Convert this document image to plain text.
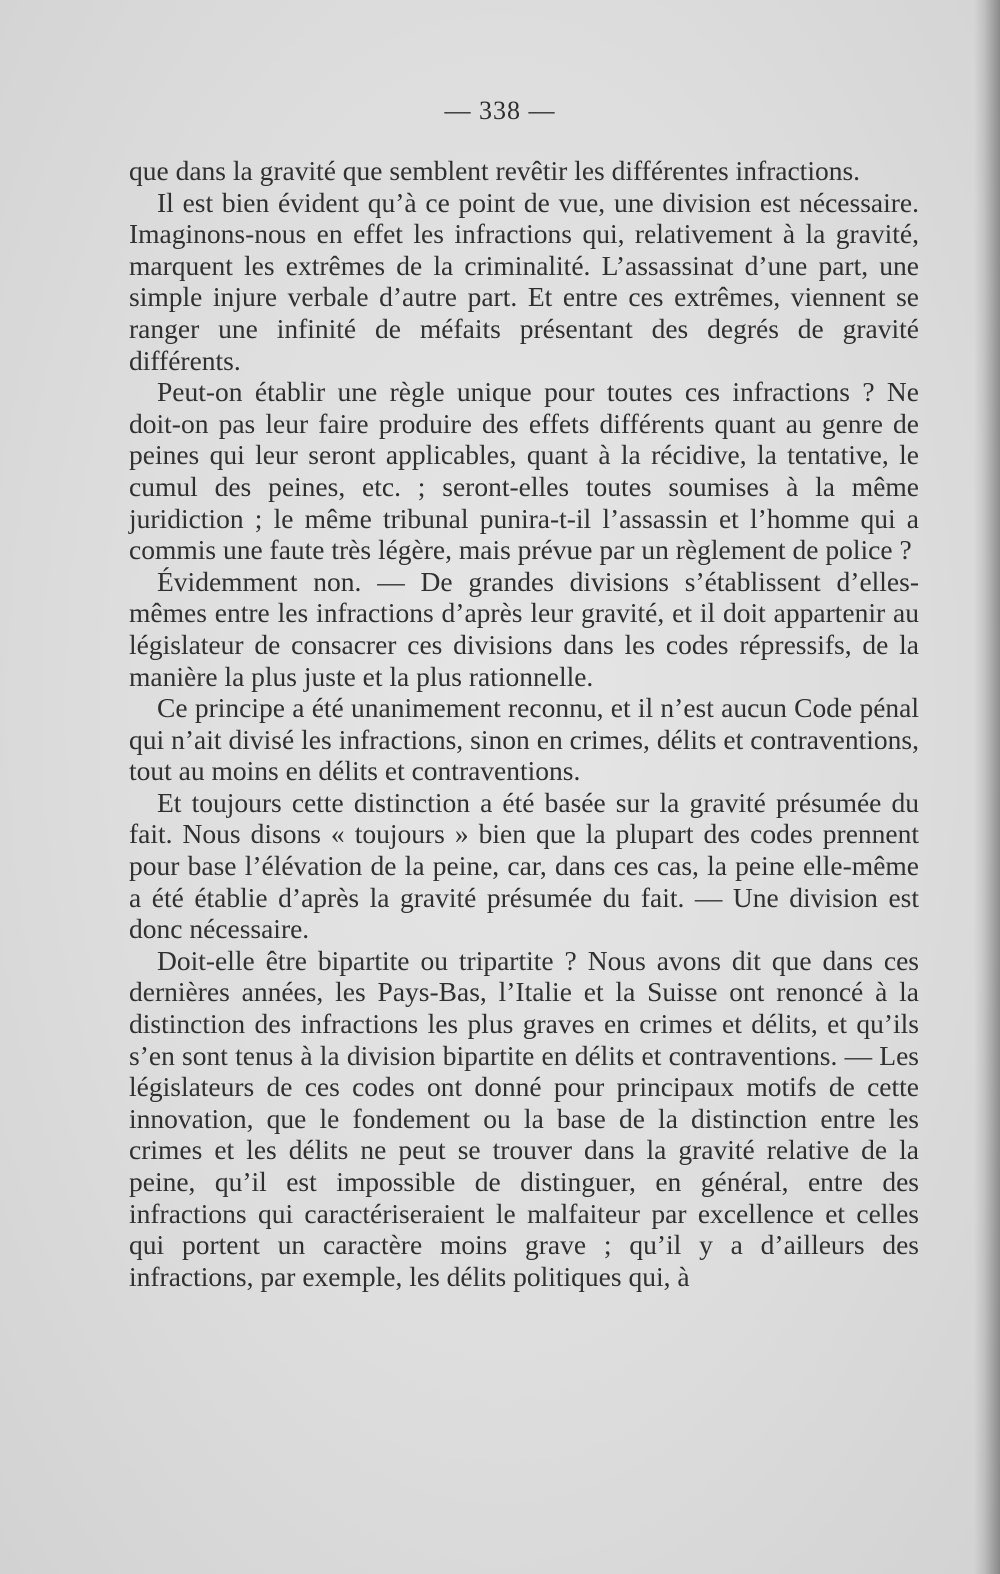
— 338 —

que dans la gravité que semblent revêtir les différentes infractions.

Il est bien évident qu’à ce point de vue, une division est nécessaire. Imaginons-nous en effet les infractions qui, relativement à la gravité, marquent les extrêmes de la criminalité. L’assassinat d’une part, une simple injure verbale d’autre part. Et entre ces extrêmes, viennent se ranger une infinité de méfaits présentant des degrés de gravité différents.

Peut-on établir une règle unique pour toutes ces infractions ? Ne doit-on pas leur faire produire des effets différents quant au genre de peines qui leur seront applicables, quant à la récidive, la tentative, le cumul des peines, etc. ; seront-elles toutes soumises à la même juridiction ; le même tribunal punira-t-il l’assassin et l’homme qui a commis une faute très légère, mais prévue par un règlement de police ?

Évidemment non. — De grandes divisions s’établissent d’elles-mêmes entre les infractions d’après leur gravité, et il doit appartenir au législateur de consacrer ces divisions dans les codes répressifs, de la manière la plus juste et la plus rationnelle.

Ce principe a été unanimement reconnu, et il n’est aucun Code pénal qui n’ait divisé les infractions, sinon en crimes, délits et contraventions, tout au moins en délits et contraventions.

Et toujours cette distinction a été basée sur la gravité présumée du fait. Nous disons « toujours » bien que la plupart des codes prennent pour base l’élévation de la peine, car, dans ces cas, la peine elle-même a été établie d’après la gravité présumée du fait. — Une division est donc nécessaire.

Doit-elle être bipartite ou tripartite ? Nous avons dit que dans ces dernières années, les Pays-Bas, l’Italie et la Suisse ont renoncé à la distinction des infractions les plus graves en crimes et délits, et qu’ils s’en sont tenus à la division bipartite en délits et contraventions. — Les législateurs de ces codes ont donné pour principaux motifs de cette innovation, que le fondement ou la base de la distinction entre les crimes et les délits ne peut se trouver dans la gravité relative de la peine, qu’il est impossible de distinguer, en général, entre des infractions qui caractériseraient le malfaiteur par excellence et celles qui portent un caractère moins grave ; qu’il y a d’ailleurs des infractions, par exemple, les délits politiques qui, à
